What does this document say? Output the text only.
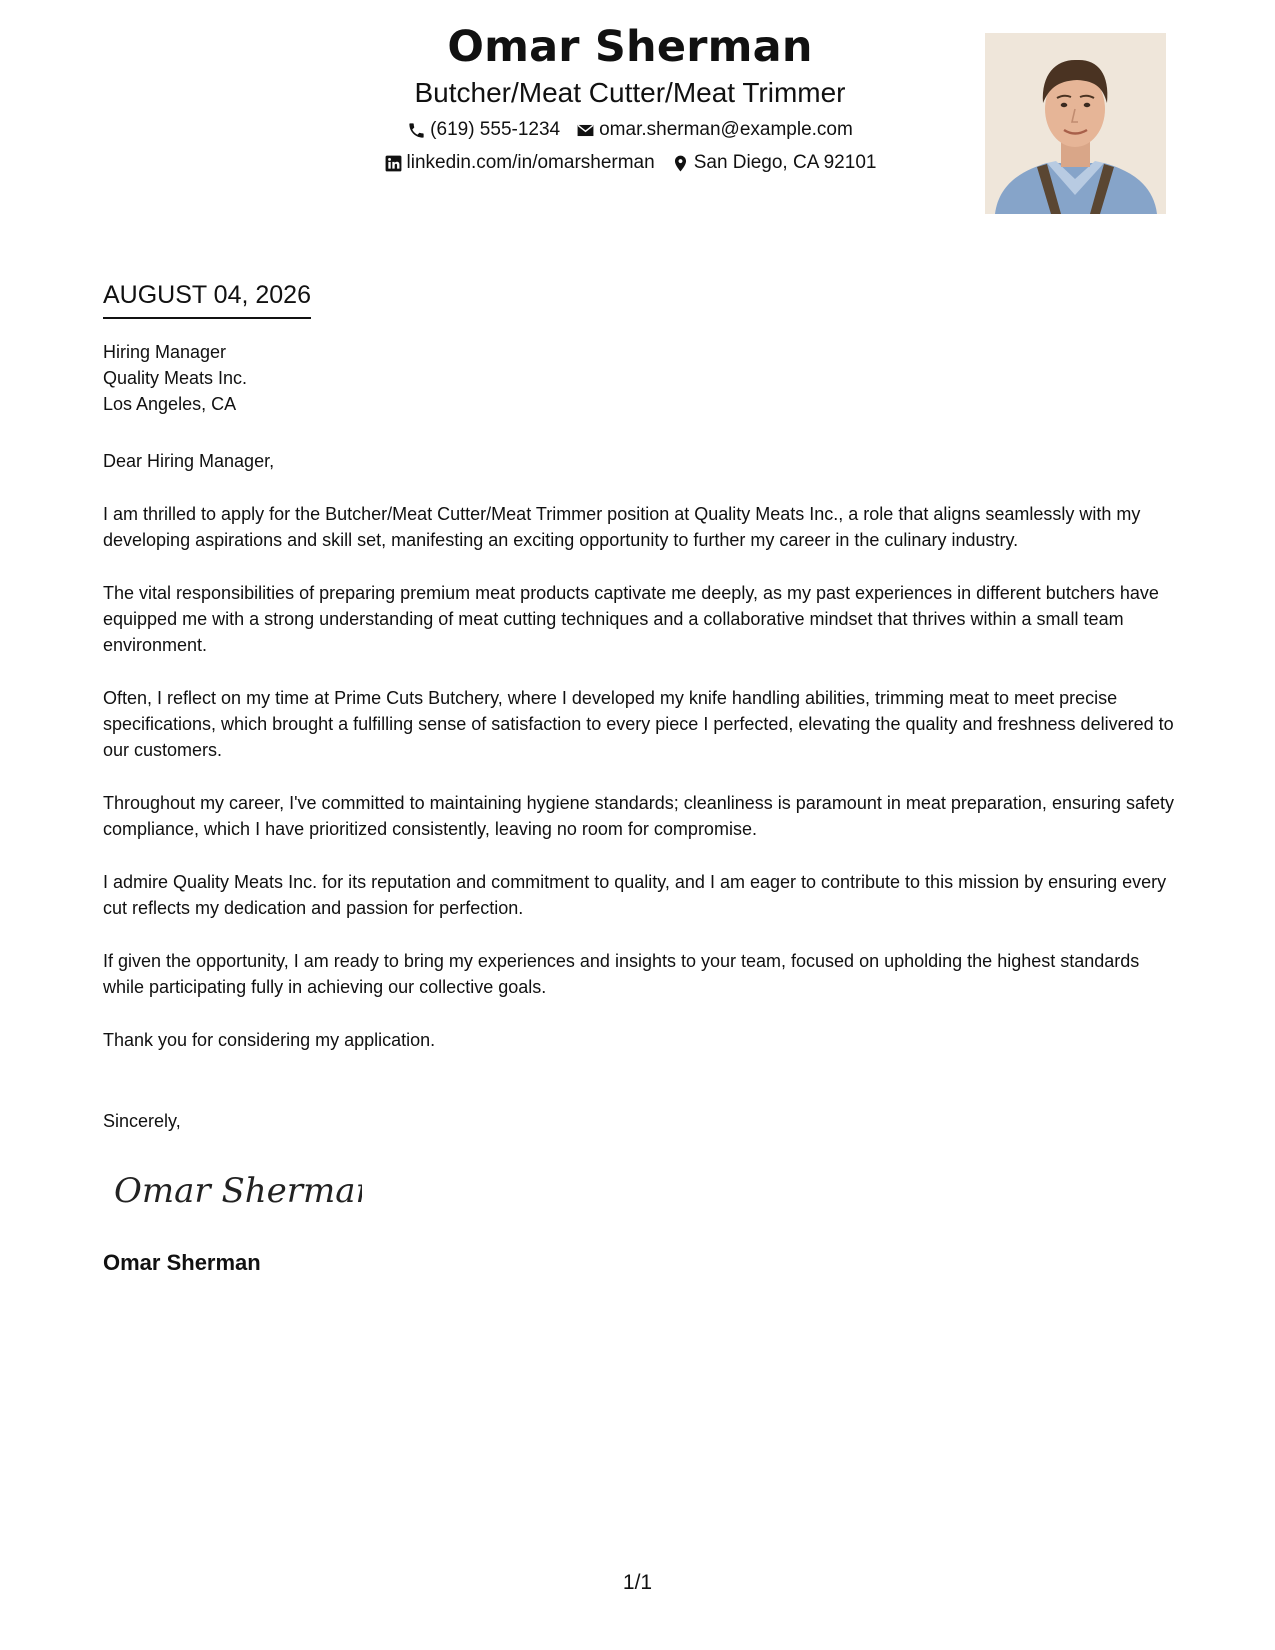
Omar Sherman
Butcher/Meat Cutter/Meat Trimmer
(619) 555-1234 omar.sherman@example.com
linkedin.com/in/omarsherman San Diego, CA 92101
AUGUST 04, 2026
Hiring Manager
Quality Meats Inc.
Los Angeles, CA

Dear Hiring Manager,

I am thrilled to apply for the Butcher/Meat Cutter/Meat Trimmer position at Quality Meats Inc., a role that aligns seamlessly with my developing aspirations and skill set, manifesting an exciting opportunity to further my career in the culinary industry.

The vital responsibilities of preparing premium meat products captivate me deeply, as my past experiences in different butchers have equipped me with a strong understanding of meat cutting techniques and a collaborative mindset that thrives within a small team environment.

Often, I reflect on my time at Prime Cuts Butchery, where I developed my knife handling abilities, trimming meat to meet precise specifications, which brought a fulfilling sense of satisfaction to every piece I perfected, elevating the quality and freshness delivered to our customers.

Throughout my career, I've committed to maintaining hygiene standards; cleanliness is paramount in meat preparation, ensuring safety compliance, which I have prioritized consistently, leaving no room for compromise.

I admire Quality Meats Inc. for its reputation and commitment to quality, and I am eager to contribute to this mission by ensuring every cut reflects my dedication and passion for perfection.

If given the opportunity, I am ready to bring my experiences and insights to your team, focused on upholding the highest standards while participating fully in achieving our collective goals.

Thank you for considering my application.

Sincerely,
Omar Sherman
Omar Sherman
1/1
